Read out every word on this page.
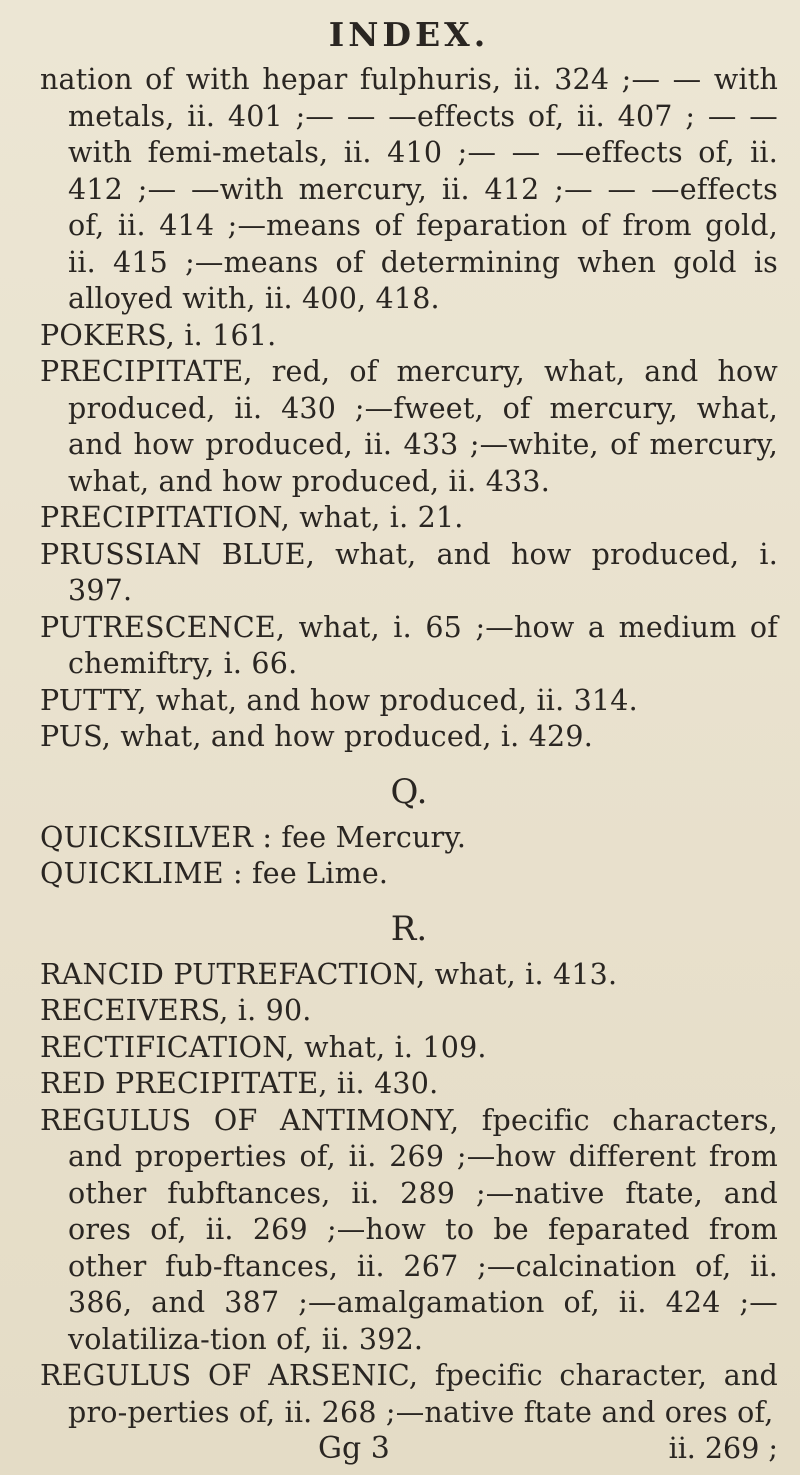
INDEX.

nation of with hepar fulphuris, ii. 324 ;— — with metals, ii. 401 ;— — —effects of, ii. 407 ; — —with femi-metals, ii. 410 ;— — —effects of, ii. 412 ;— —with mercury, ii. 412 ;— — —effects of, ii. 414 ;—means of feparation of from gold, ii. 415 ;—means of determining when gold is alloyed with, ii. 400, 418.

POKERS, i. 161.

PRECIPITATE, red, of mercury, what, and how produced, ii. 430 ;—fweet, of mercury, what, and how produced, ii. 433 ;—white, of mercury, what, and how produced, ii. 433.

PRECIPITATION, what, i. 21.

PRUSSIAN BLUE, what, and how produced, i. 397.

PUTRESCENCE, what, i. 65 ;—how a medium of chemiftry, i. 66.

PUTTY, what, and how produced, ii. 314.

PUS, what, and how produced, i. 429.

Q.

QUICKSILVER : fee Mercury.

QUICKLIME : fee Lime.

R.

RANCID PUTREFACTION, what, i. 413.

RECEIVERS, i. 90.

RECTIFICATION, what, i. 109.

RED PRECIPITATE, ii. 430.

REGULUS OF ANTIMONY, fpecific characters, and properties of, ii. 269 ;—how different from other fubftances, ii. 289 ;—native ftate, and ores of, ii. 269 ;—how to be feparated from other fub-ftances, ii. 267 ;—calcination of, ii. 386, and 387 ;—amalgamation of, ii. 424 ;—volatiliza-tion of, ii. 392.

REGULUS OF ARSENIC, fpecific character, and pro-perties of, ii. 268 ;—native ftate and ores of,

Gg 3	ii. 269 ;
